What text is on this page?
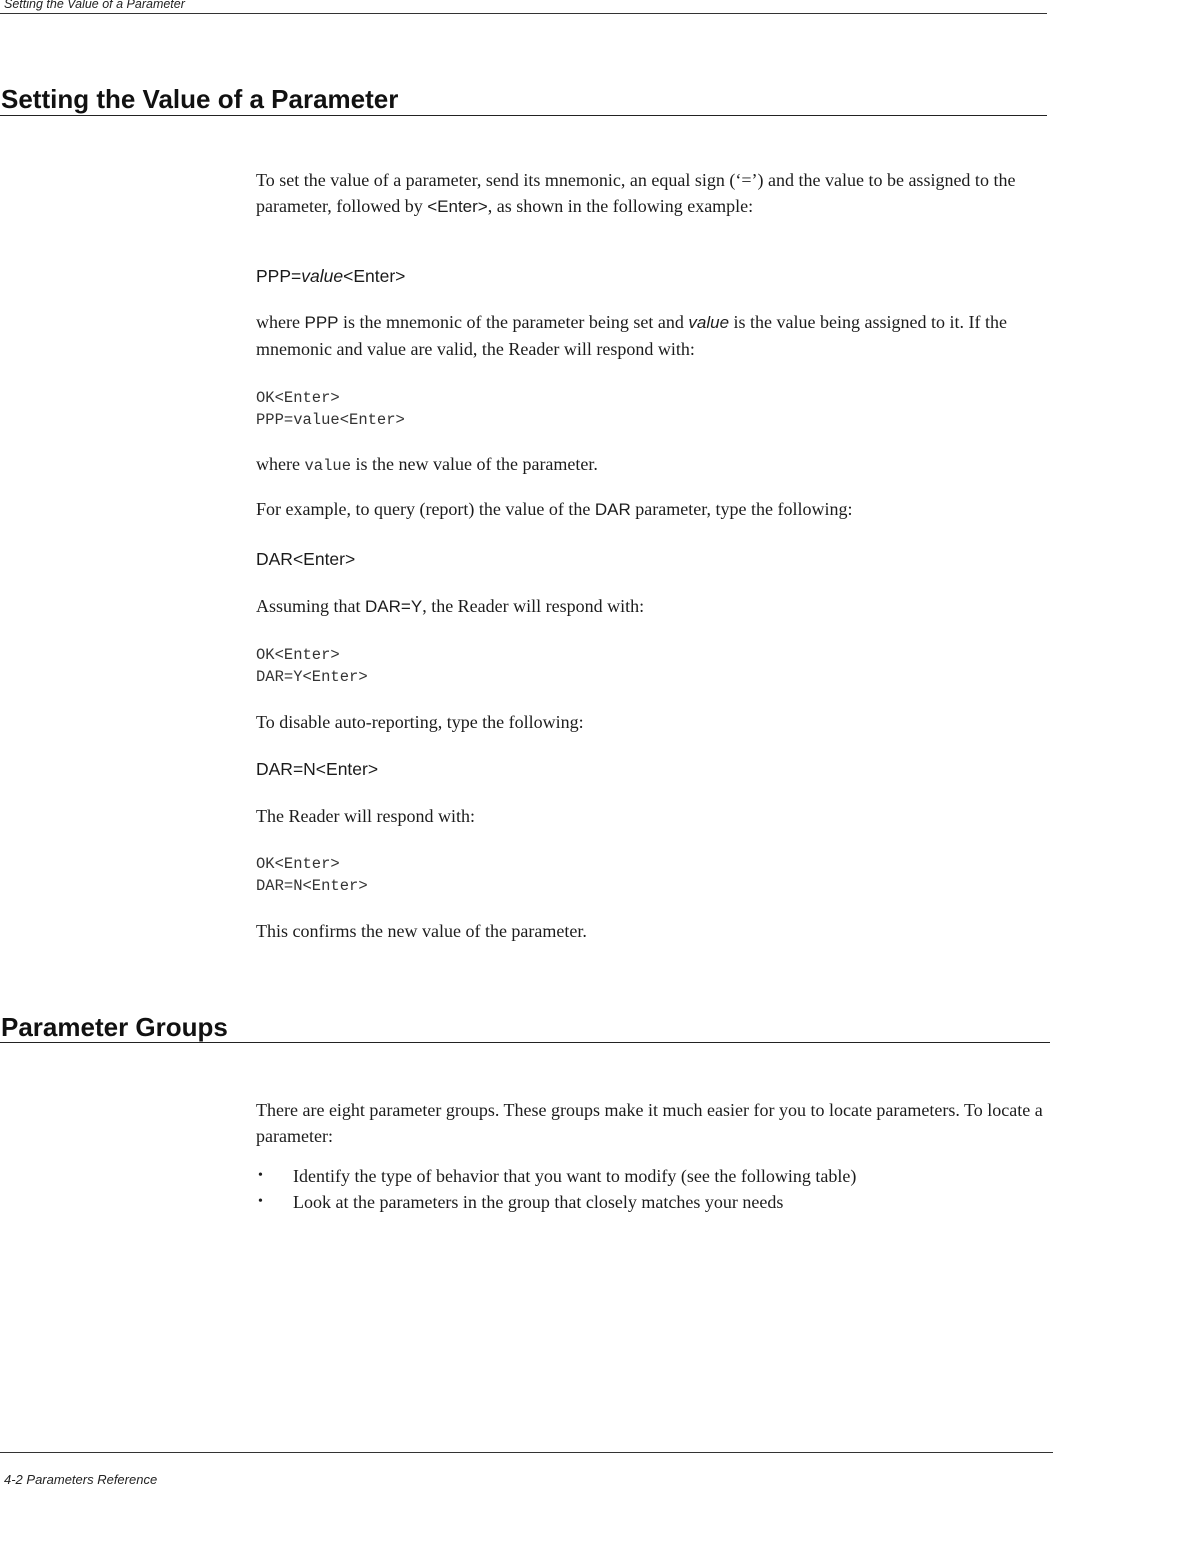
Setting the Value of a Parameter
Setting the Value of a Parameter

To set the value of a parameter, send its mnemonic, an equal sign (‘=’) and the value to be assigned to the parameter, followed by <Enter>, as shown in the following example:

PPP=value<Enter>

where PPP is the mnemonic of the parameter being set and value is the value being assigned to it. If the mnemonic and value are valid, the Reader will respond with:

OK<Enter>
PPP=value<Enter>

where value is the new value of the parameter.

For example, to query (report) the value of the DAR parameter, type the following:

DAR<Enter>

Assuming that DAR=Y, the Reader will respond with:

OK<Enter>
DAR=Y<Enter>

To disable auto-reporting, type the following:

DAR=N<Enter>

The Reader will respond with:

OK<Enter>
DAR=N<Enter>

This confirms the new value of the parameter.

Parameter Groups

There are eight parameter groups. These groups make it much easier for you to locate parameters. To locate a parameter:

• Identify the type of behavior that you want to modify (see the following table)
• Look at the parameters in the group that closely matches your needs
4-2 Parameters Reference
